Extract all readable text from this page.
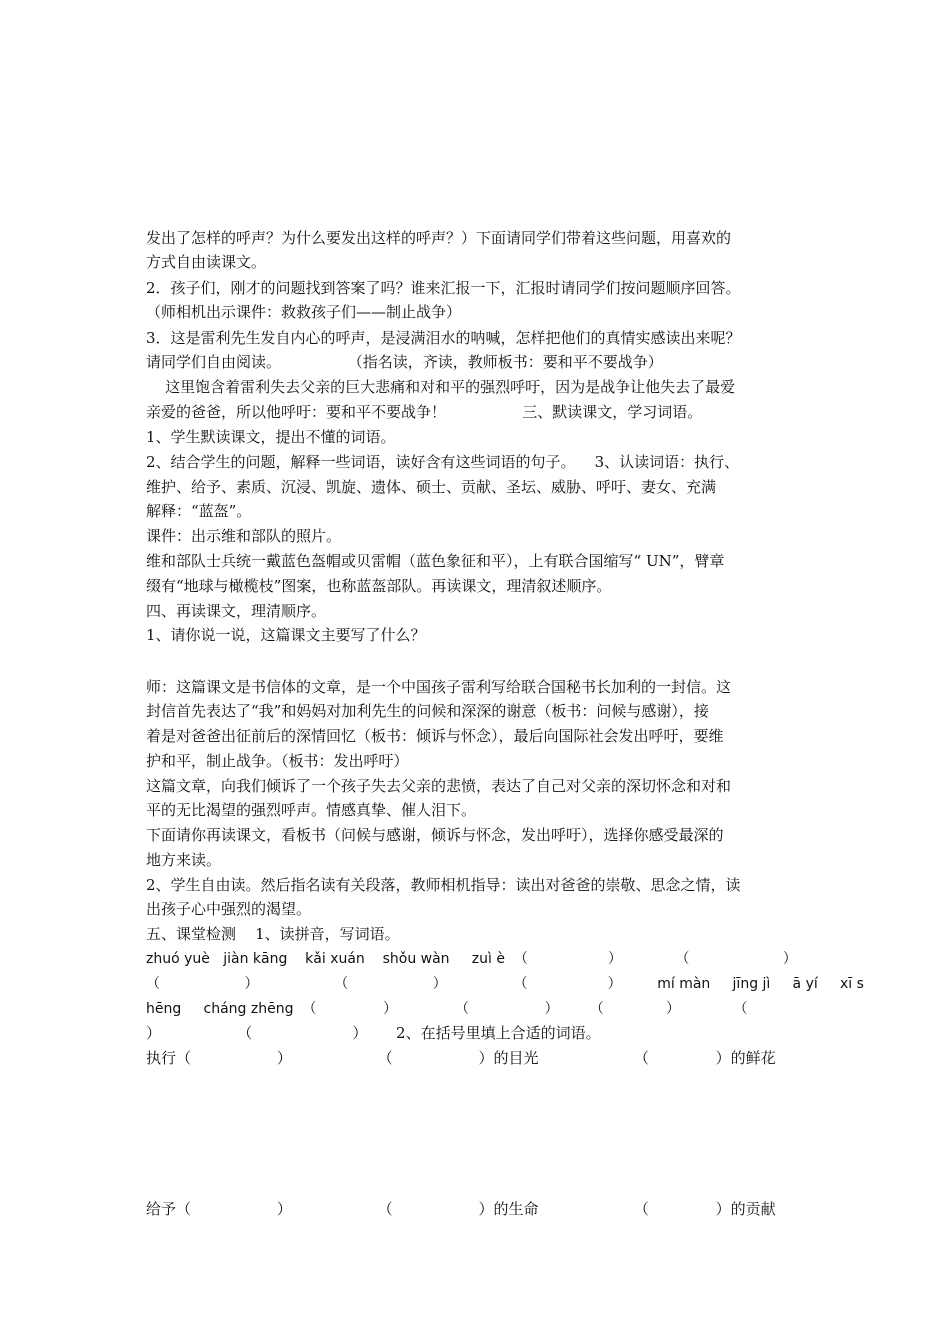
发出了怎样的呼声？为什么要发出这样的呼声？）下面请同学们带着这些问题，用喜欢的
方式自由读课文。
2．孩子们，刚才的问题找到答案了吗？谁来汇报一下，汇报时请同学们按问题顺序回答。
（师相机出示课件：救救孩子们——制止战争）
3．这是雷利先生发自内心的呼声，是浸满泪水的呐喊，怎样把他们的真情实感读出来呢？
请同学们自由阅读。              （指名读，齐读，教师板书：要和平不要战争）
这里饱含着雷利失去父亲的巨大悲痛和对和平的强烈呼吁，因为是战争让他失去了最爱
亲爱的爸爸，所以他呼吁：要和平不要战争！                三、默读课文，学习词语。
1、学生默读课文，提出不懂的词语。
2、结合学生的问题，解释一些词语，读好含有这些词语的句子。    3、认读词语：执行、
维护、给予、素质、沉浸、凯旋、遗体、硕士、贡献、圣坛、威胁、呼吁、妻女、充满
解释：“蓝盔”。
课件：出示维和部队的照片。
维和部队士兵统一戴蓝色盔帽或贝雷帽（蓝色象征和平），上有联合国缩写“ UN”，臂章
缀有“地球与橄榄枝”图案，也称蓝盔部队。再读课文，理清叙述顺序。
四、再读课文，理清顺序。
1、请你说一说，这篇课文主要写了什么？
师：这篇课文是书信体的文章，是一个中国孩子雷利写给联合国秘书长加利的一封信。这
封信首先表达了“我”和妈妈对加利先生的问候和深深的谢意（板书：问候与感谢），接
着是对爸爸出征前后的深情回忆（板书：倾诉与怀念），最后向国际社会发出呼吁，要维
护和平，制止战争。（板书：发出呼吁）
这篇文章，向我们倾诉了一个孩子失去父亲的悲愤，表达了自己对父亲的深切怀念和对和
平的无比渴望的强烈呼声。情感真挚、催人泪下。
下面请你再读课文，看板书（问候与感谢，倾诉与怀念，发出呼吁），选择你感受最深的
地方来读。
2、学生自由读。然后指名读有关段落，教师相机指导：读出对爸爸的崇敬、思念之情，读
出孩子心中强烈的渴望。
五、课堂检测    1、读拼音，写词语。
zhuó yuè   jiàn kāng    kǎi xuán    shǒu wàn     zuì è  （                  ）            （                     ）
（                   ）                 （                   ）               （                  ）        mí màn     jīng jì     ā yí     xī s
hēng     cháng zhēng  （               ）             （                 ）       （              ）            （
）                （                     ）      2、在括号里填上合适的词语。
执行（                  ）                  （                  ）的目光                    （              ）的鲜花
给予（                  ）                  （                  ）的生命                    （              ）的贡献
